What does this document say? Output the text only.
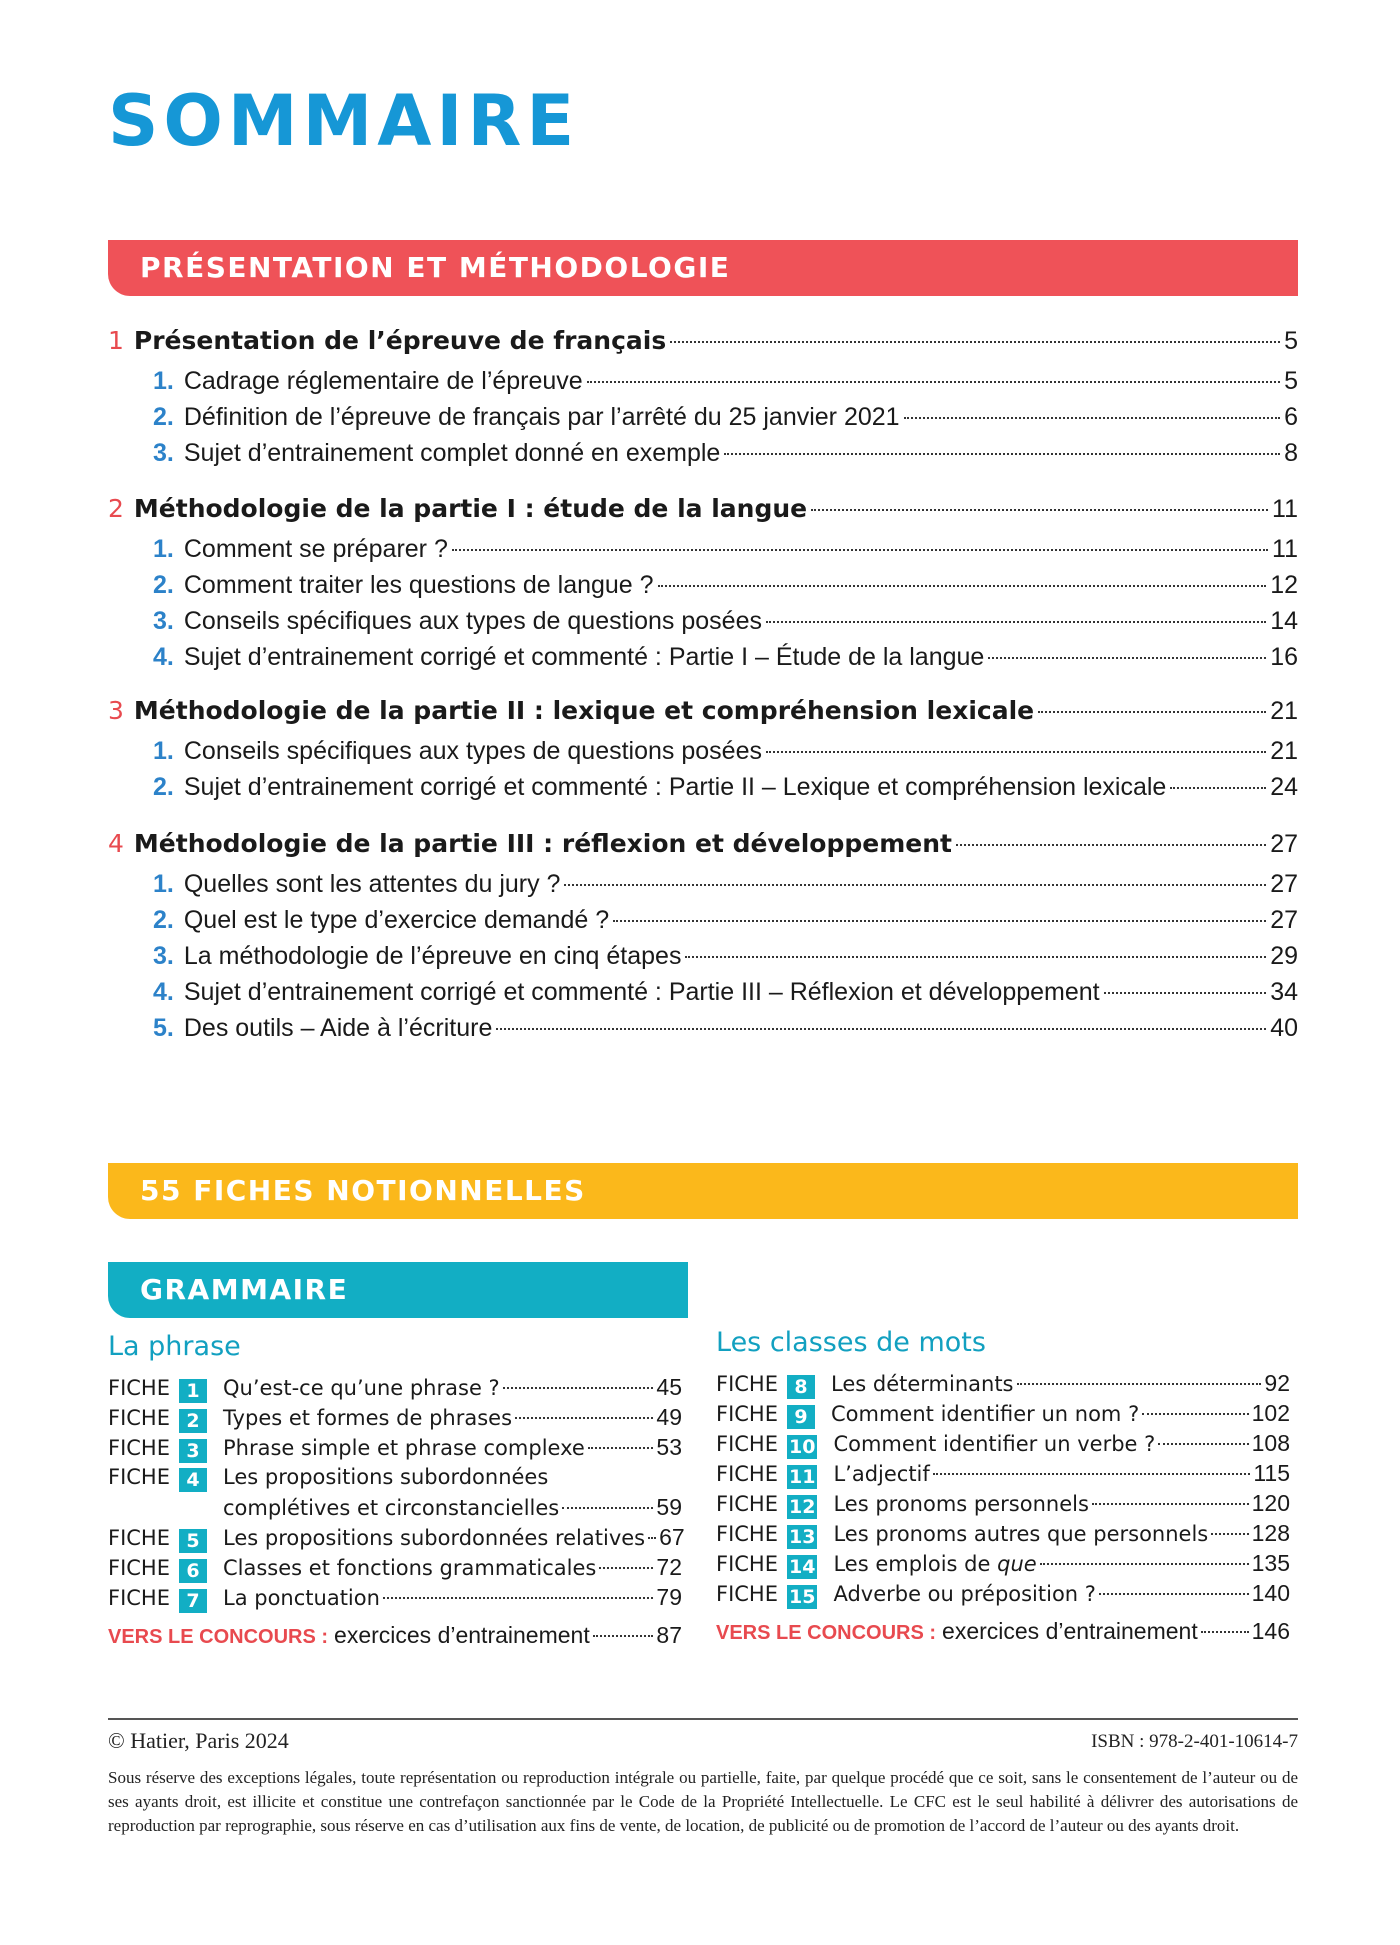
SOMMAIRE
PRÉSENTATION ET MÉTHODOLOGIE
1 Présentation de l’épreuve de français	5
1. Cadrage réglementaire de l’épreuve	5
2. Définition de l’épreuve de français par l’arrêté du 25 janvier 2021	6
3. Sujet d’entrainement complet donné en exemple	8
2 Méthodologie de la partie I : étude de la langue	11
1. Comment se préparer ?	11
2. Comment traiter les questions de langue ?	12
3. Conseils spécifiques aux types de questions posées	14
4. Sujet d’entrainement corrigé et commenté : Partie I – Étude de la langue	16
3 Méthodologie de la partie II : lexique et compréhension lexicale	21
1. Conseils spécifiques aux types de questions posées	21
2. Sujet d’entrainement corrigé et commenté : Partie II – Lexique et compréhension lexicale	24
4 Méthodologie de la partie III : réflexion et développement	27
1. Quelles sont les attentes du jury ?	27
2. Quel est le type d’exercice demandé ?	27
3. La méthodologie de l’épreuve en cinq étapes	29
4. Sujet d’entrainement corrigé et commenté : Partie III – Réflexion et développement	34
5. Des outils – Aide à l’écriture	40
55 FICHES NOTIONNELLES
GRAMMAIRE
La phrase	Les classes de mots
FICHE 1	Qu’est-ce qu’une phrase ?	45
FICHE 2	Types et formes de phrases	49
FICHE 3	Phrase simple et phrase complexe	53
FICHE 4	Les propositions subordonnées
complétives et circonstancielles	59
FICHE 5	Les propositions subordonnées relatives 67
FICHE 6	Classes et fonctions grammaticales	72
FICHE 7	La ponctuation	79
VERS LE CONCOURS : exercices d’entrainement	87
FICHE 8	Les déterminants	92
FICHE 9	Comment identifier un nom ?	102
FICHE 10 Comment identifier un verbe ?	108
FICHE 11 L’adjectif	115
FICHE 12 Les pronoms personnels	120
FICHE 13 Les pronoms autres que personnels 128
FICHE 14 Les emplois de que	135
FICHE 15 Adverbe ou préposition ?	140
VERS LE CONCOURS : exercices d’entrainement 146
© Hatier, Paris 2024	ISBN : 978-2-401-10614-7
Sous réserve des exceptions légales, toute représentation ou reproduction intégrale ou partielle, faite, par quelque procédé que ce soit, sans le consentement de l’auteur ou de ses ayants droit, est illicite et constitue une contrefaçon sanctionnée par le Code de la Propriété Intellectuelle. Le CFC est le seul habilité à délivrer des autorisations de reproduction par reprographie, sous réserve en cas d’utilisation aux fins de vente, de location, de publicité ou de promotion de l’accord de l’auteur ou des ayants droit.
